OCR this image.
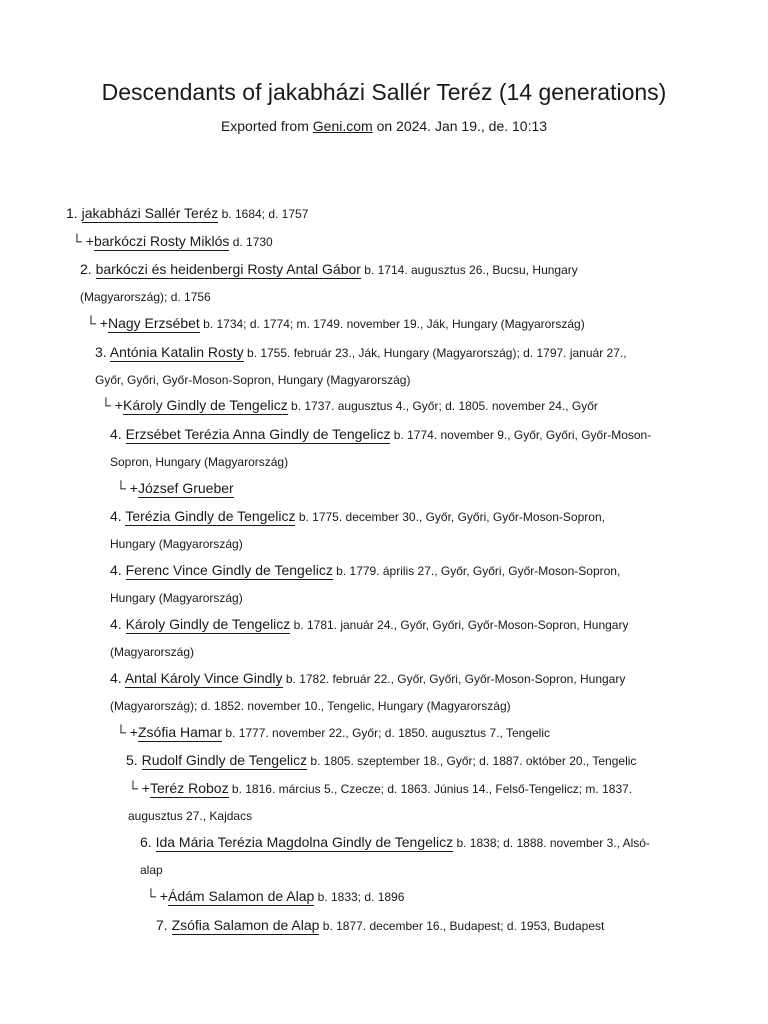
Descendants of jakabházi Sallér Teréz (14 generations)
Exported from Geni.com on 2024. Jan 19., de. 10:13
1. jakabházi Sallér Teréz b. 1684; d. 1757
└ +barkóczi Rosty Miklós d. 1730
2. barkóczi és heidenbergi Rosty Antal Gábor b. 1714. augusztus 26., Bucsu, Hungary
(Magyarország); d. 1756
└ +Nagy Erzsébet b. 1734; d. 1774; m. 1749. november 19., Ják, Hungary (Magyarország)
3. Antónia Katalin Rosty b. 1755. február 23., Ják, Hungary (Magyarország); d. 1797. január 27.,
Győr, Győri, Győr-Moson-Sopron, Hungary (Magyarország)
└ +Károly Gindly de Tengelicz b. 1737. augusztus 4., Győr; d. 1805. november 24., Győr
4. Erzsébet Terézia Anna Gindly de Tengelicz b. 1774. november 9., Győr, Győri, Győr-Moson-
Sopron, Hungary (Magyarország)
└ +József Grueber
4. Terézia Gindly de Tengelicz b. 1775. december 30., Győr, Győri, Győr-Moson-Sopron,
Hungary (Magyarország)
4. Ferenc Vince Gindly de Tengelicz b. 1779. április 27., Győr, Győri, Győr-Moson-Sopron,
Hungary (Magyarország)
4. Károly Gindly de Tengelicz b. 1781. január 24., Győr, Győri, Győr-Moson-Sopron, Hungary
(Magyarország)
4. Antal Károly Vince Gindly b. 1782. február 22., Győr, Győri, Győr-Moson-Sopron, Hungary
(Magyarország); d. 1852. november 10., Tengelic, Hungary (Magyarország)
└ +Zsófia Hamar b. 1777. november 22., Győr; d. 1850. augusztus 7., Tengelic
5. Rudolf Gindly de Tengelicz b. 1805. szeptember 18., Győr; d. 1887. október 20., Tengelic
└ +Teréz Roboz b. 1816. március 5., Czecze; d. 1863. Június 14., Felső-Tengelicz; m. 1837.
augusztus 27., Kajdacs
6. Ida Mária Terézia Magdolna Gindly de Tengelicz b. 1838; d. 1888. november 3., Alsó-
alap
└ +Ádám Salamon de Alap b. 1833; d. 1896
7. Zsófia Salamon de Alap b. 1877. december 16., Budapest; d. 1953, Budapest
